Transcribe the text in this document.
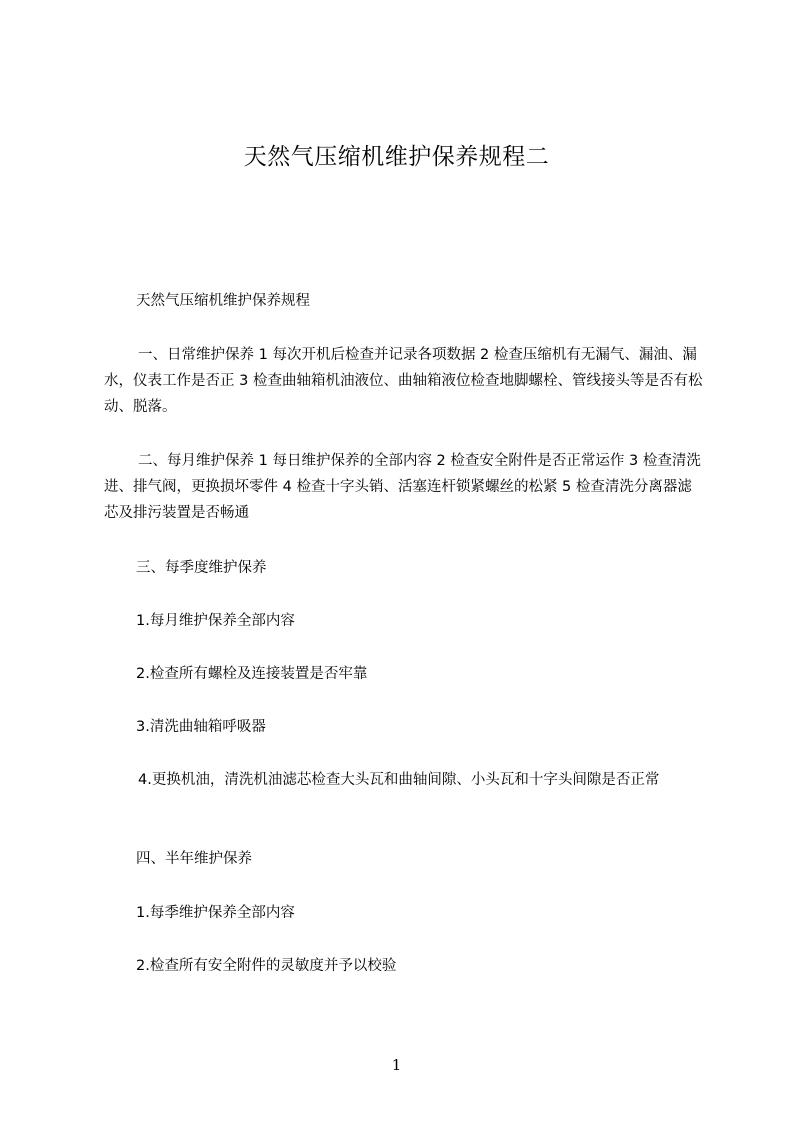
天然气压缩机维护保养规程二
天然气压缩机维护保养规程
一、日常维护保养 1 每次开机后检查并记录各项数据 2 检查压缩机有无漏气、漏油、漏水，仪表工作是否正 3 检查曲轴箱机油液位、曲轴箱液位检查地脚螺栓、管线接头等是否有松动、脱落。
二、每月维护保养 1 每日维护保养的全部内容 2 检查安全附件是否正常运作 3 检查清洗进、排气阀，更换损坏零件 4 检查十字头销、活塞连杆锁紧螺丝的松紧 5 检查清洗分离器滤芯及排污装置是否畅通
三、每季度维护保养
1.每月维护保养全部内容
2.检查所有螺栓及连接装置是否牢靠
3.清洗曲轴箱呼吸器
4.更换机油，清洗机油滤芯检查大头瓦和曲轴间隙、小头瓦和十字头间隙是否正常
四、半年维护保养
1.每季维护保养全部内容
2.检查所有安全附件的灵敏度并予以校验
1
